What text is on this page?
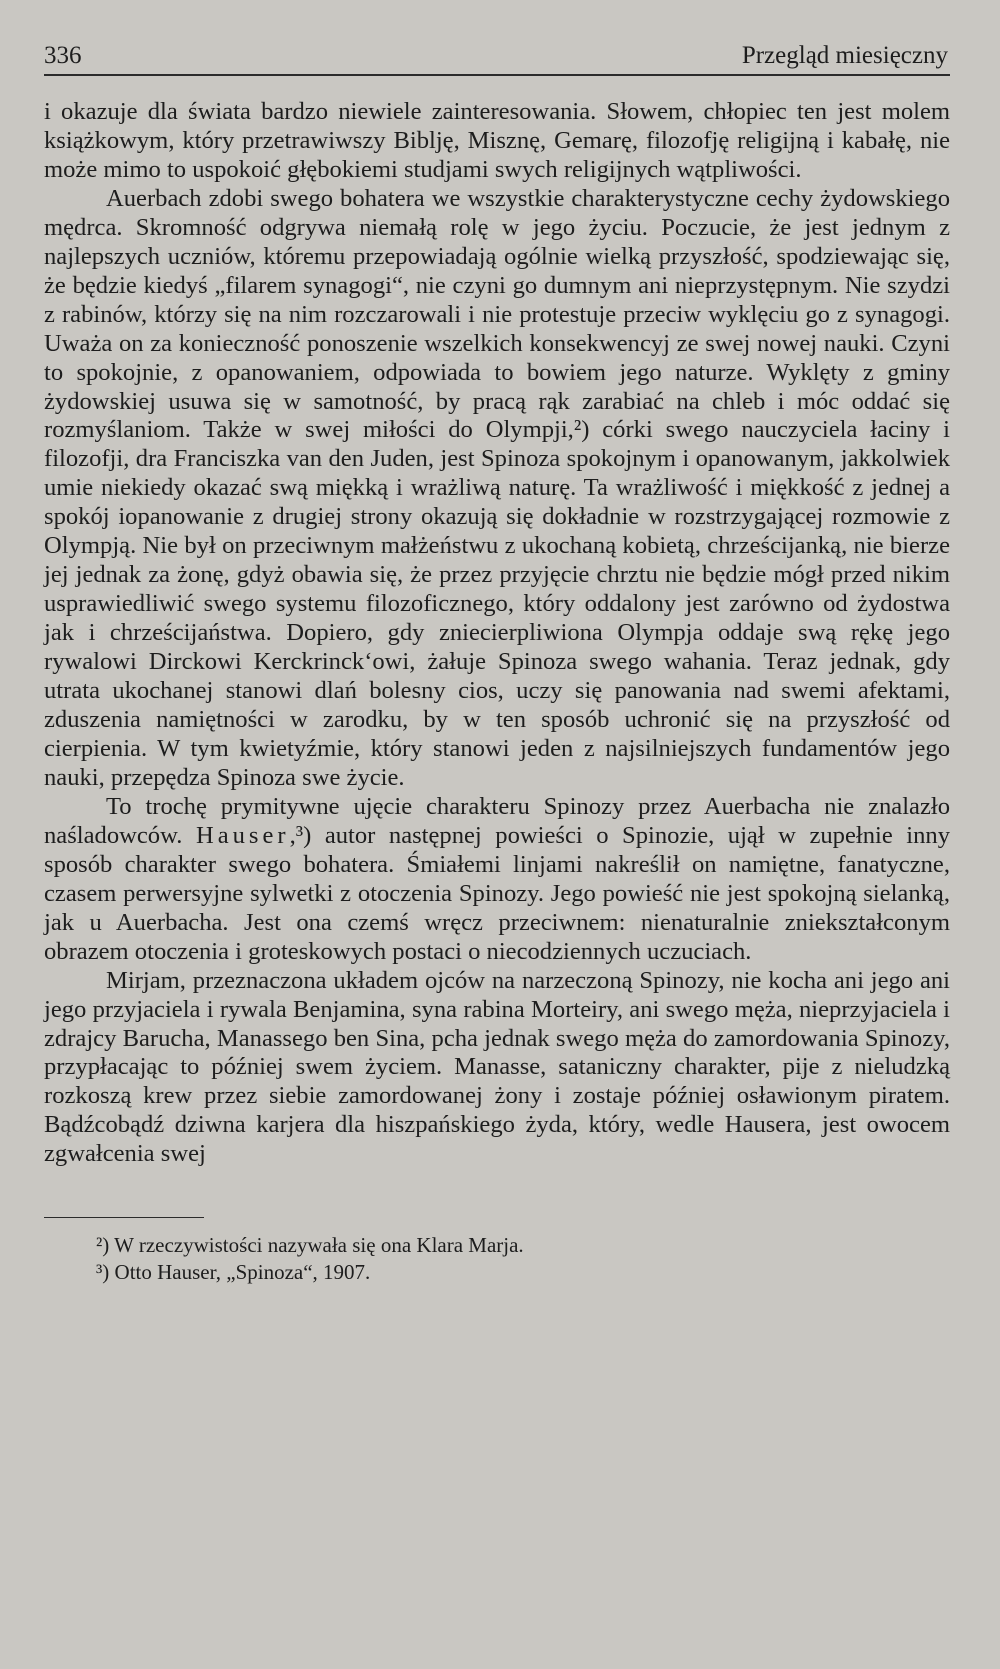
336	Przegląd miesięczny

i okazuje dla świata bardzo niewiele zainteresowania. Słowem, chłopiec ten jest molem książkowym, który przetrawiwszy Biblję, Misznę, Gemarę, filozofję religijną i kabałę, nie może mimo to uspokoić głębokiemi studjami swych religijnych wątpliwości.

Auerbach zdobi swego bohatera we wszystkie charakterystyczne cechy żydowskiego mędrca. Skromność odgrywa niemałą rolę w jego życiu. Poczucie, że jest jednym z najlepszych uczniów, któremu przepowiadają ogólnie wielką przyszłość, spodziewając się, że będzie kiedyś „filarem synagogi“, nie czyni go dumnym ani nieprzystępnym. Nie szydzi z rabinów, którzy się na nim rozczarowali i nie protestuje przeciw wyklęciu go z synagogi. Uważa on za konieczność ponoszenie wszelkich konsekwencyj ze swej nowej nauki. Czyni to spokojnie, z opanowaniem, odpowiada to bowiem jego naturze. Wyklęty z gminy żydowskiej usuwa się w samotność, by pracą rąk zarabiać na chleb i móc oddać się rozmyślaniom. Także w swej miłości do Olympji,²) córki swego nauczyciela łaciny i filozofji, dra Franciszka van den Juden, jest Spinoza spokojnym i opanowanym, jakkolwiek umie niekiedy okazać swą miękką i wrażliwą naturę. Ta wrażliwość i miękkość z jednej a spokój iopanowanie z drugiej strony okazują się dokładnie w rozstrzygającej rozmowie z Olympją. Nie był on przeciwnym małżeństwu z ukochaną kobietą, chrześcijanką, nie bierze jej jednak za żonę, gdyż obawia się, że przez przyjęcie chrztu nie będzie mógł przed nikim usprawiedliwić swego systemu filozoficznego, który oddalony jest zarówno od żydostwa jak i chrześcijaństwa. Dopiero, gdy zniecierpliwiona Olympja oddaje swą rękę jego rywalowi Dirckowi Kerckrinck‘owi, żałuje Spinoza swego wahania. Teraz jednak, gdy utrata ukochanej stanowi dlań bolesny cios, uczy się panowania nad swemi afektami, zduszenia namiętności w zarodku, by w ten sposób uchronić się na przyszłość od cierpienia. W tym kwietyźmie, który stanowi jeden z najsilniejszych fundamentów jego nauki, przepędza Spinoza swe życie.

To trochę prymitywne ujęcie charakteru Spinozy przez Auerbacha nie znalazło naśladowców. Hauser,³) autor następnej powieści o Spinozie, ujął w zupełnie inny sposób charakter swego bohatera. Śmiałemi linjami nakreślił on namiętne, fanatyczne, czasem perwersyjne sylwetki z otoczenia Spinozy. Jego powieść nie jest spokojną sielanką, jak u Auerbacha. Jest ona czemś wręcz przeciwnem: nienaturalnie zniekształconym obrazem otoczenia i groteskowych postaci o niecodziennych uczuciach.

Mirjam, przeznaczona układem ojców na narzeczoną Spinozy, nie kocha ani jego ani jego przyjaciela i rywala Benjamina, syna rabina Morteiry, ani swego męża, nieprzyjaciela i zdrajcy Barucha, Manassego ben Sina, pcha jednak swego męża do zamordowania Spinozy, przypłacając to później swem życiem. Manasse, sataniczny charakter, pije z nieludzką rozkoszą krew przez siebie zamordowanej żony i zostaje później osławionym piratem. Bądźcobądź dziwna karjera dla hiszpańskiego żyda, który, wedle Hausera, jest owocem zgwałcenia swej

²) W rzeczywistości nazywała się ona Klara Marja.
³) Otto Hauser, „Spinoza“, 1907.
